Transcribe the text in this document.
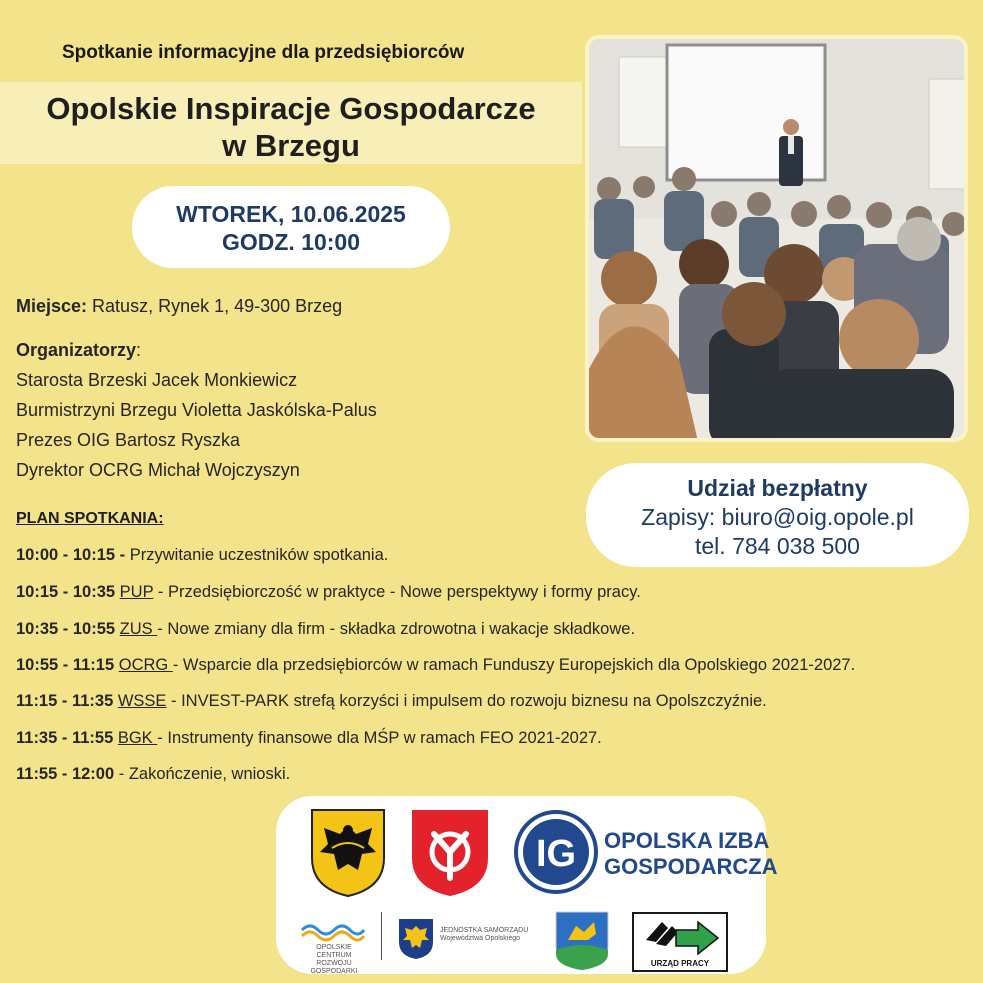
Spotkanie informacyjne dla przedsiębiorców
Opolskie Inspiracje Gospodarcze
w Brzegu
WTOREK, 10.06.2025
GODZ. 10:00
Miejsce: Ratusz, Rynek 1, 49-300 Brzeg
Organizatorzy:
Starosta Brzeski Jacek Monkiewicz
Burmistrzyni Brzegu Violetta Jaskólska-Palus
Prezes OIG Bartosz Ryszka
Dyrektor OCRG Michał Wojczyszyn
PLAN SPOTKANIA:
10:00 - 10:15 - Przywitanie uczestników spotkania.
10:15 - 10:35 PUP - Przedsiębiorczość w praktyce - Nowe perspektywy i formy pracy.
10:35 - 10:55 ZUS - Nowe zmiany dla firm - składka zdrowotna i wakacje składkowe.
10:55 - 11:15 OCRG - Wsparcie dla przedsiębiorców w ramach Funduszy Europejskich dla Opolskiego 2021-2027.
11:15 - 11:35 WSSE - INVEST-PARK strefą korzyści i impulsem do rozwoju biznesu na Opolszczyźnie.
11:35 - 11:55 BGK - Instrumenty finansowe dla MŚP w ramach FEO 2021-2027.
11:55 - 12:00 - Zakończenie, wnioski.
Udział bezpłatny
Zapisy: biuro@oig.opole.pl
tel. 784 038 500
IG OPOLSKA IZBA
GOSPODARCZA
OPOLSKIE CENTRUM
ROZWOJU GOSPODARKI
JEDNOSTKA SAMORZĄDU
Województwa Opolskiego
URZĄD PRACY
